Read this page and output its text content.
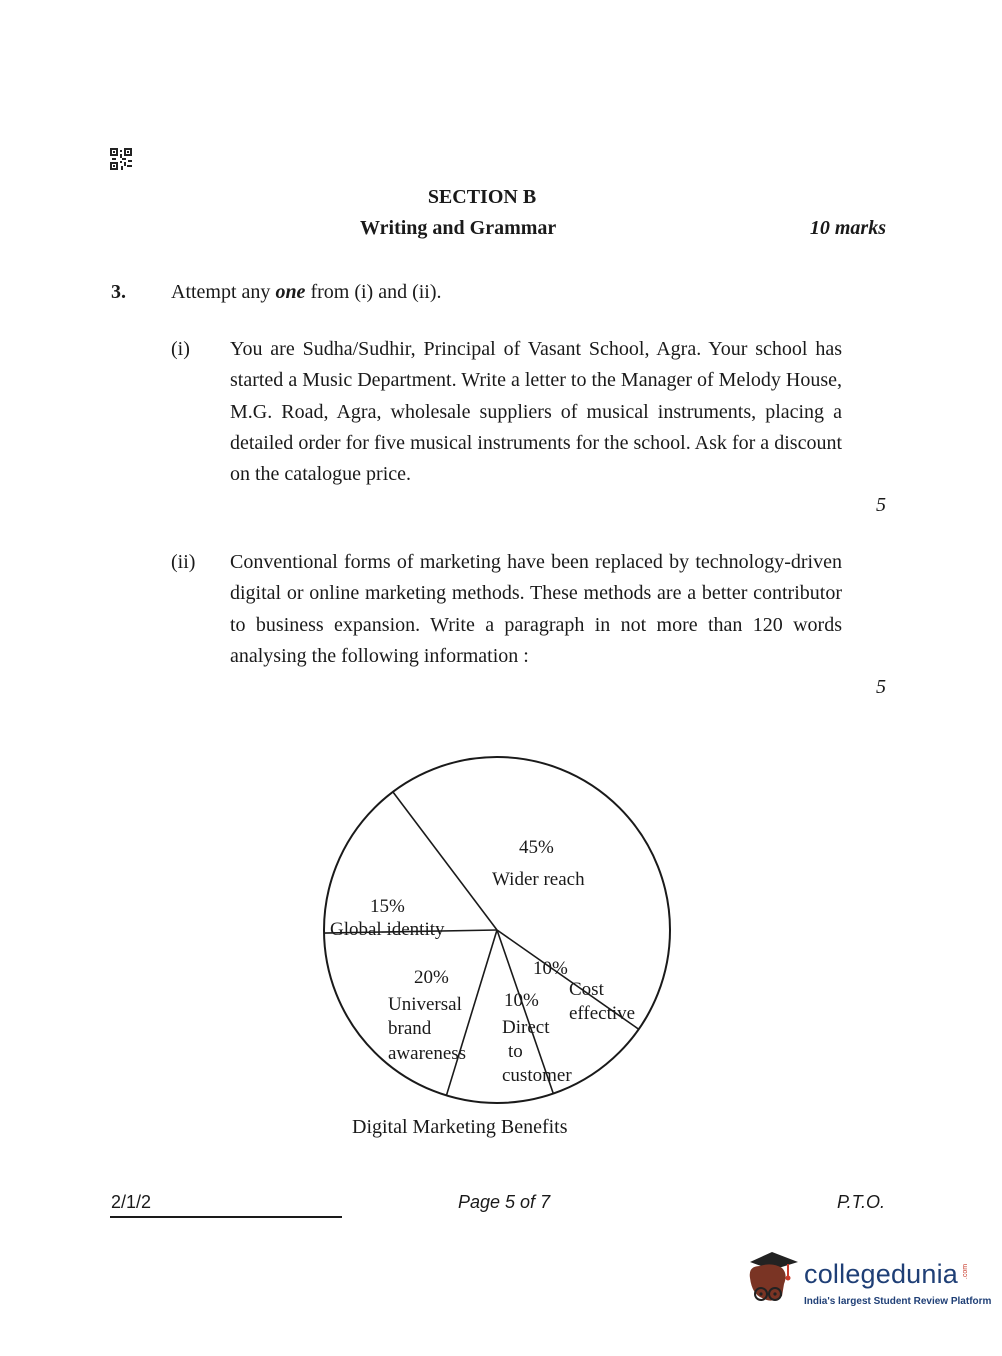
SECTION B
Writing and Grammar	10 marks
3. Attempt any one from (i) and (ii).
(i) You are Sudha/Sudhir, Principal of Vasant School, Agra. Your school has started a Music Department. Write a letter to the Manager of Melody House, M.G. Road, Agra, wholesale suppliers of musical instruments, placing a detailed order for five musical instruments for the school. Ask for a discount on the catalogue price.
5
(ii) Conventional forms of marketing have been replaced by technology-driven digital or online marketing methods. These methods are a better contributor to business expansion. Write a paragraph in not more than 120 words analysing the following information :
5
45%
Wider reach
15%
Global identity
20%
Universal
brand
awareness
10%
Cost
effective
10%
Direct
to
customer
Digital Marketing Benefits
2/1/2	Page 5 of 7	P.T.O.
collegedunia
India's largest Student Review Platform
.com
